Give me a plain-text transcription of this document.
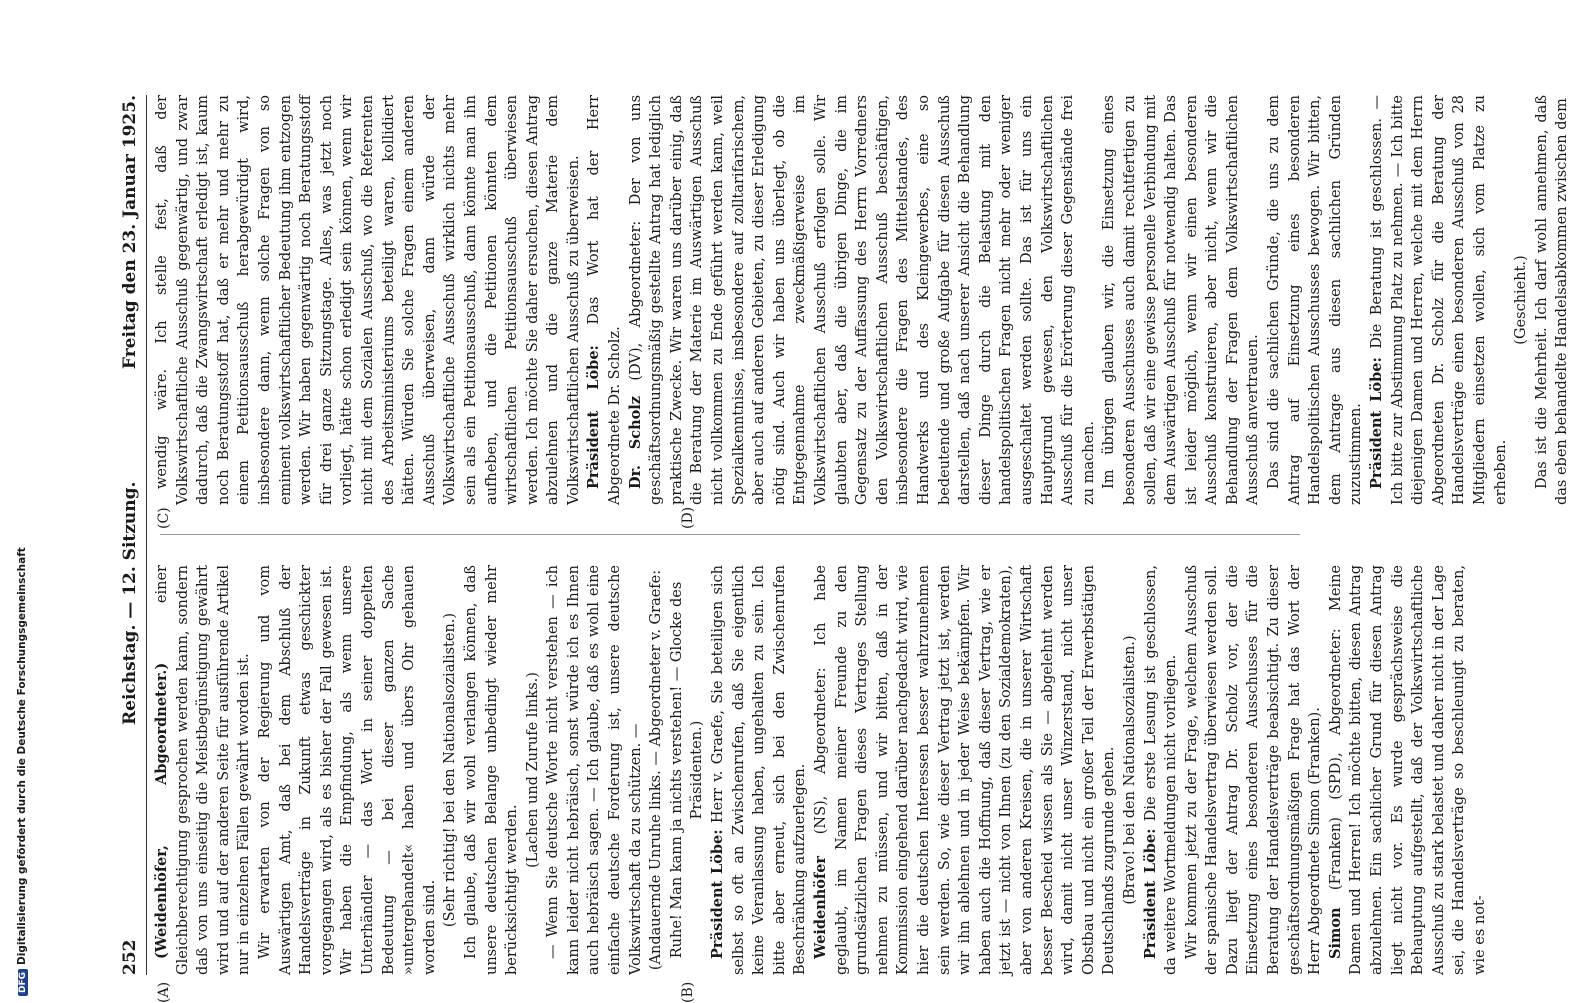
252
Reichstag. — 12. Sitzung.
Freitag den 23. Januar 1925.
(A)	(B)
(C)	(D)

(Weidenhöfer, Abgeordneter.) einer Gleichberechtigung gesprochen werden kann, sondern daß von uns einseitig die Meistbegünstigung gewährt wird und auf der anderen Seite für ausführende Artikel nur in einzelnen Fällen gewährt worden ist. Wir erwarten von der Regierung und vom Auswärtigen Amt, daß bei dem Abschluß der Handelsverträge in Zukunft etwas geschickter vorgegangen wird, als es bisher der Fall gewesen ist. Wir haben die Empfindung, als wenn unsere Unterhändler — das Wort in seiner doppelten Bedeutung — bei dieser ganzen Sache »untergehandelt« haben und übers Ohr gehauen worden sind.

(Sehr richtig! bei den Nationalsozialisten.) Ich glaube, daß wir wohl verlangen können, daß unsere deutschen Belange unbedingt wieder mehr berücksichtigt werden.

(Lachen und Zurufe links.) — Wenn Sie deutsche Worte nicht verstehen — ich kann leider nicht hebräisch, sonst würde ich es Ihnen auch hebräisch sagen. — Ich glaube, daß es wohl eine einfache deutsche Forderung ist, unsere deutsche Volkswirtschaft da zu schützen. — (Andauernde Unruhe links. — Abgeordneter v. Graefe: Ruhe! Man kann ja nichts verstehen! — Glocke des Präsidenten.)

Präsident Löbe: Herr v. Graefe, Sie beteiligen sich selbst so oft an Zwischenrufen, daß Sie eigentlich keine Veranlassung haben, ungehalten zu sein. Ich bitte aber erneut, sich bei den Zwischenrufen Beschränkung aufzuerlegen. Weidenhöfer (NS), Abgeordneter: Ich habe geglaubt, im Namen meiner Freunde zu den grundsätzlichen Fragen dieses Vertrages Stellung nehmen zu müssen, und wir bitten, daß in der Kommission eingehend darüber nachgedacht wird, wie hier die deutschen Interessen besser wahrzunehmen sein werden. So, wie dieser Vertrag jetzt ist, werden wir ihn ablehnen und in jeder Weise bekämpfen. Wir haben auch die Hoffnung, daß dieser Vertrag, wie er jetzt ist — nicht von Ihnen (zu den Sozialdemokraten), aber von anderen Kreisen, die in unserer Wirtschaft besser Bescheid wissen als Sie — abgelehnt werden wird, damit nicht unser Winzerstand, nicht unser Obstbau und nicht ein großer Teil der Erwerbstätigen Deutschlands zugrunde gehen. (Bravo! bei den Nationalsozialisten.) Präsident Löbe: Die erste Lesung ist geschlossen, da weitere Wortmeldungen nicht vorliegen. Wir kommen jetzt zu der Frage, welchem Ausschuß der spanische Handelsvertrag überwiesen werden soll. Dazu liegt der Antrag Dr. Scholz vor, der die Einsetzung eines besonderen Ausschusses für die Beratung der Handelsverträge beabsichtigt. Zu dieser geschäftsordnungsmäßigen Frage hat das Wort der Herr Abgeordnete Simon (Franken). Simon (Franken) (SPD), Abgeordneter: Meine Damen und Herren! Ich möchte bitten, diesen Antrag abzulehnen. Ein sachlicher Grund für diesen Antrag liegt nicht vor. Es wurde gesprächsweise die Behauptung aufgestellt, daß der Volkswirtschaftliche Ausschuß zu stark belastet und daher nicht in der Lage sei, die Handelsverträge so beschleunigt zu beraten, wie es not-

wendig wäre. Ich stelle fest, daß der Volkswirtschaftliche Ausschuß gegenwärtig, und zwar dadurch, daß die Zwangswirtschaft erledigt ist, kaum noch Beratungsstoff hat, daß er mehr und mehr zu einem Petitionsausschuß herabgewürdigt wird, insbesondere dann, wenn solche Fragen von so eminent volkswirtschaftlicher Bedeutung ihm entzogen werden. Wir haben gegenwärtig noch Beratungsstoff für drei ganze Sitzungstage. Alles, was jetzt noch vorliegt, hätte schon erledigt sein können, wenn wir nicht mit dem Sozialen Ausschuß, wo die Referenten des Arbeitsministeriums beteiligt waren, kollidiert hätten. Würden Sie solche Fragen einem anderen Ausschuß überweisen, dann würde der Volkswirtschaftliche Ausschuß wirklich nichts mehr sein als ein Petitionsausschuß, dann könnte man ihn aufheben, und die Petitionen könnten dem wirtschaftlichen Petitionsausschuß überwiesen werden. Ich möchte Sie daher ersuchen, diesen Antrag abzulehnen und die ganze Materie dem Volkswirtschaftlichen Ausschuß zu überweisen. Präsident Löbe: Das Wort hat der Herr Abgeordnete Dr. Scholz. Dr. Scholz (DV), Abgeordneter: Der von uns geschäftsordnungsmäßig gestellte Antrag hat lediglich praktische Zwecke. Wir waren uns darüber einig, daß die Beratung der Materie im Auswärtigen Ausschuß nicht vollkommen zu Ende geführt werden kann, weil Spezialkenntnisse, insbesondere auf zolltarifarischem, aber auch auf anderen Gebieten, zu dieser Erledigung nötig sind. Auch wir haben uns überlegt, ob die Entgegennahme zweckmäßigerweise im Volkswirtschaftlichen Ausschuß erfolgen solle. Wir glaubten aber, daß die übrigen Dinge, die im Gegensatz zu der Auffassung des Herrn Vorredners den Volkswirtschaftlichen Ausschuß beschäftigen, insbesondere die Fragen des Mittelstandes, des Handwerks und des Kleingewerbes, eine so bedeutende und große Aufgabe für diesen Ausschuß darstellen, daß nach unserer Ansicht die Behandlung dieser Dinge durch die Belastung mit den handelspolitischen Fragen nicht mehr oder weniger ausgeschaltet werden sollte. Das ist für uns ein Hauptgrund gewesen, den Volkswirtschaftlichen Ausschuß für die Erörterung dieser Gegenstände frei zu machen. Im übrigen glauben wir, die Einsetzung eines besonderen Ausschusses auch damit rechtfertigen zu sollen, daß wir eine gewisse personelle Verbindung mit dem Auswärtigen Ausschuß für notwendig halten. Das ist leider möglich, wenn wir einen besonderen Ausschuß konstruieren, aber nicht, wenn wir die Behandlung der Fragen dem Volkswirtschaftlichen Ausschuß anvertrauen. Das sind die sachlichen Gründe, die uns zu dem Antrag auf Einsetzung eines besonderen Handelspolitischen Ausschusses bewogen. Wir bitten, dem Antrage aus diesen sachlichen Gründen zuzustimmen. Präsident Löbe: Die Beratung ist geschlossen. — Ich bitte zur Abstimmung Platz zu nehmen. — Ich bitte diejenigen Damen und Herren, welche mit dem Herrn Abgeordneten Dr. Scholz für die Beratung der Handelsverträge einen besonderen Ausschuß von 28 Mitgliedern einsetzen wollen, sich vom Platze zu erheben.

(Geschieht.) Das ist die Mehrheit. Ich darf wohl annehmen, daß das eben behandelte Handelsabkommen zwischen dem

DFGDigitalisierung gefördert durch die Deutsche Forschungsgemeinschaft
